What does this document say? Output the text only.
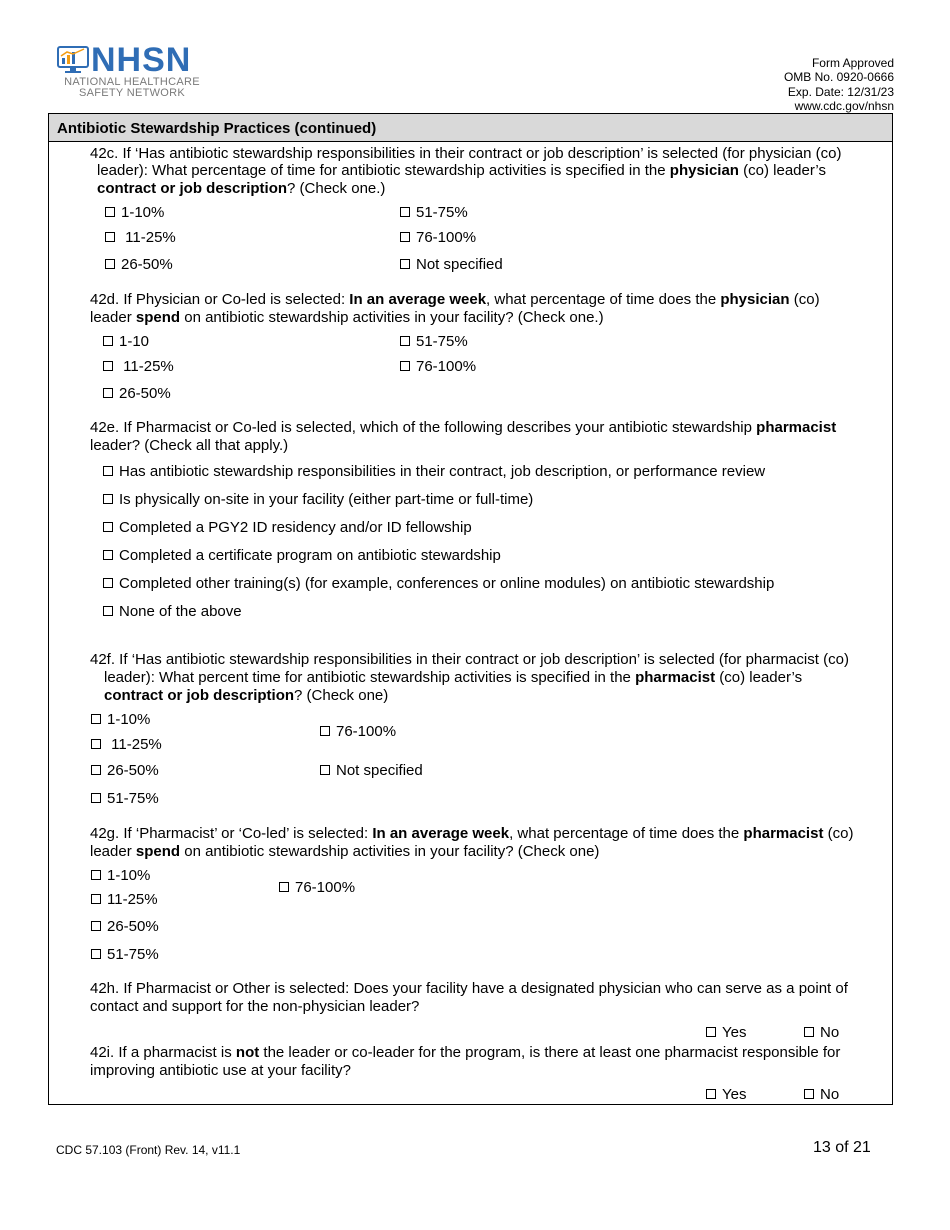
NHSN
NATIONAL HEALTHCARE
SAFETY NETWORK
Form Approved
OMB No. 0920-0666
Exp. Date: 12/31/23
www.cdc.gov/nhsn
Antibiotic Stewardship Practices (continued)
42c. If ‘Has antibiotic stewardship responsibilities in their contract or job description’ is selected (for physician (co)
leader): What percentage of time for antibiotic stewardship activities is specified in the physician (co) leader’s
contract or job description? (Check one.)
1-10%
11-25%
26-50%
51-75%
76-100%
Not specified
42d. If Physician or Co-led is selected: In an average week, what percentage of time does the physician (co)
leader spend on antibiotic stewardship activities in your facility? (Check one.)
1-10
11-25%
26-50%
51-75%
76-100%
42e. If Pharmacist or Co-led is selected, which of the following describes your antibiotic stewardship pharmacist
leader? (Check all that apply.)
Has antibiotic stewardship responsibilities in their contract, job description, or performance review
Is physically on-site in your facility (either part-time or full-time)
Completed a PGY2 ID residency and/or ID fellowship
Completed a certificate program on antibiotic stewardship
Completed other training(s) (for example, conferences or online modules) on antibiotic stewardship
None of the above
42f. If ‘Has antibiotic stewardship responsibilities in their contract or job description’ is selected (for pharmacist (co)
leader): What percent time for antibiotic stewardship activities is specified in the pharmacist (co) leader’s
contract or job description? (Check one)
1-10%
11-25%
26-50%
51-75%
76-100%
Not specified
42g. If ‘Pharmacist’ or ‘Co-led’ is selected: In an average week, what percentage of time does the pharmacist (co)
leader spend on antibiotic stewardship activities in your facility? (Check one)
1-10%
11-25%
26-50%
51-75%
76-100%
42h. If Pharmacist or Other is selected: Does your facility have a designated physician who can serve as a point of
contact and support for the non-physician leader?
Yes	No
42i. If a pharmacist is not the leader or co-leader for the program, is there at least one pharmacist responsible for
improving antibiotic use at your facility?
Yes	No
CDC 57.103 (Front) Rev. 14, v11.1	13 of 21
